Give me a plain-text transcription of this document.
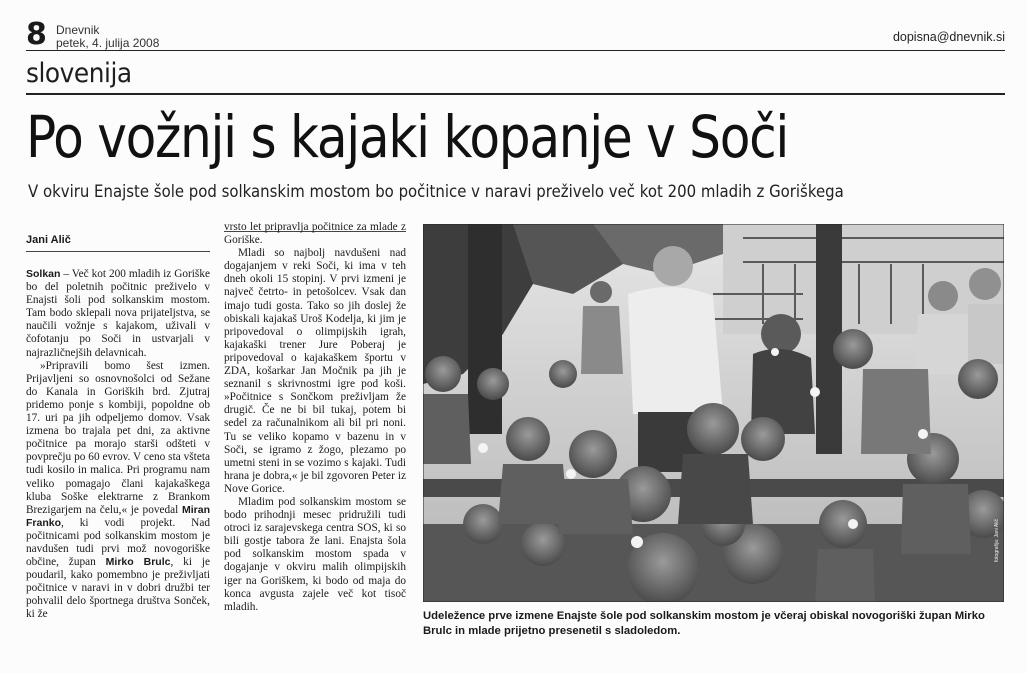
8 Dnevnik
petek, 4. julija 2008	dopisna@dnevnik.si
slovenija
Po vožnji s kajaki kopanje v Soči
V okviru Enajste šole pod solkanskim mostom bo počitnice v naravi preživelo več kot 200 mladih z Goriškega
Jani Alič

Solkan – Več kot 200 mladih iz Goriške bo del poletnih počitnic preživelo v Enajsti šoli pod solkanskim mostom. Tam bodo sklepali nova prijateljstva, se naučili vožnje s kajakom, uživali v čofotanju po Soči in ustvarjali v najrazličnejših delavnicah.

»Pripravili bomo šest izmen. Prijavljeni so osnovnošolci od Sežane do Kanala in Goriških brd. Zjutraj pridemo ponje s kombiji, popoldne ob 17. uri pa jih odpeljemo domov. Vsak izmena bo trajala pet dni, za aktivne počitnice pa morajo starši odšteti v povprečju po 60 evrov. V ceno sta všteta tudi kosilo in malica. Pri programu nam veliko pomagajo člani kajakaškega kluba Soške elektrarne z Brankom Brezigarjem na čelu,« je povedal Miran Franko, ki vodi projekt. Nad počitnicami pod solkanskim mostom je navdušen tudi prvi mož novogoriške občine, župan Mirko Brulc, ki je poudaril, kako pomembno je preživljati počitnice v naravi in v dobri družbi ter pohvalil delo športnega društva Sonček, ki že

vrsto let pripravlja počitnice za mlade z Goriške.

Mladi so najbolj navdušeni nad dogajanjem v reki Soči, ki ima v teh dneh okoli 15 stopinj. V prvi izmeni je največ četrto- in petošolcev. Vsak dan imajo tudi gosta. Tako so jih doslej že obiskali kajakaš Uroš Kodelja, ki jim je pripovedoval o olimpijskih igrah, kajakaški trener Jure Poberaj je pripovedoval o kajakaškem športu v ZDA, košarkar Jan Močnik pa jih je seznanil s skrivnostmi igre pod koši. »Počitnice s Sončkom preživljam že drugič. Če ne bi bil tukaj, potem bi sedel za računalnikom ali bil pri noni. Tu se veliko kopamo v bazenu in v Soči, se igramo z žogo, plezamo po umetni steni in se vozimo s kajaki. Tudi hrana je dobra,« je bil zgovoren Peter iz Nove Gorice.

Mladim pod solkanskim mostom se bodo prihodnji mesec pridružili tudi otroci iz sarajevskega centra SOS, ki so bili gostje tabora že lani. Enajsta šola pod solkanskim mostom spada v dogajanje v okviru malih olimpijskih iger na Goriškem, ki bodo od maja do konca avgusta zajele več kot tisoč mladih.

fotografija: Jani Alič
Udeležence prve izmene Enajste šole pod solkanskim mostom je včeraj obiskal novogoriški župan Mirko Brulc in mlade prijetno presenetil s sladoledom.
